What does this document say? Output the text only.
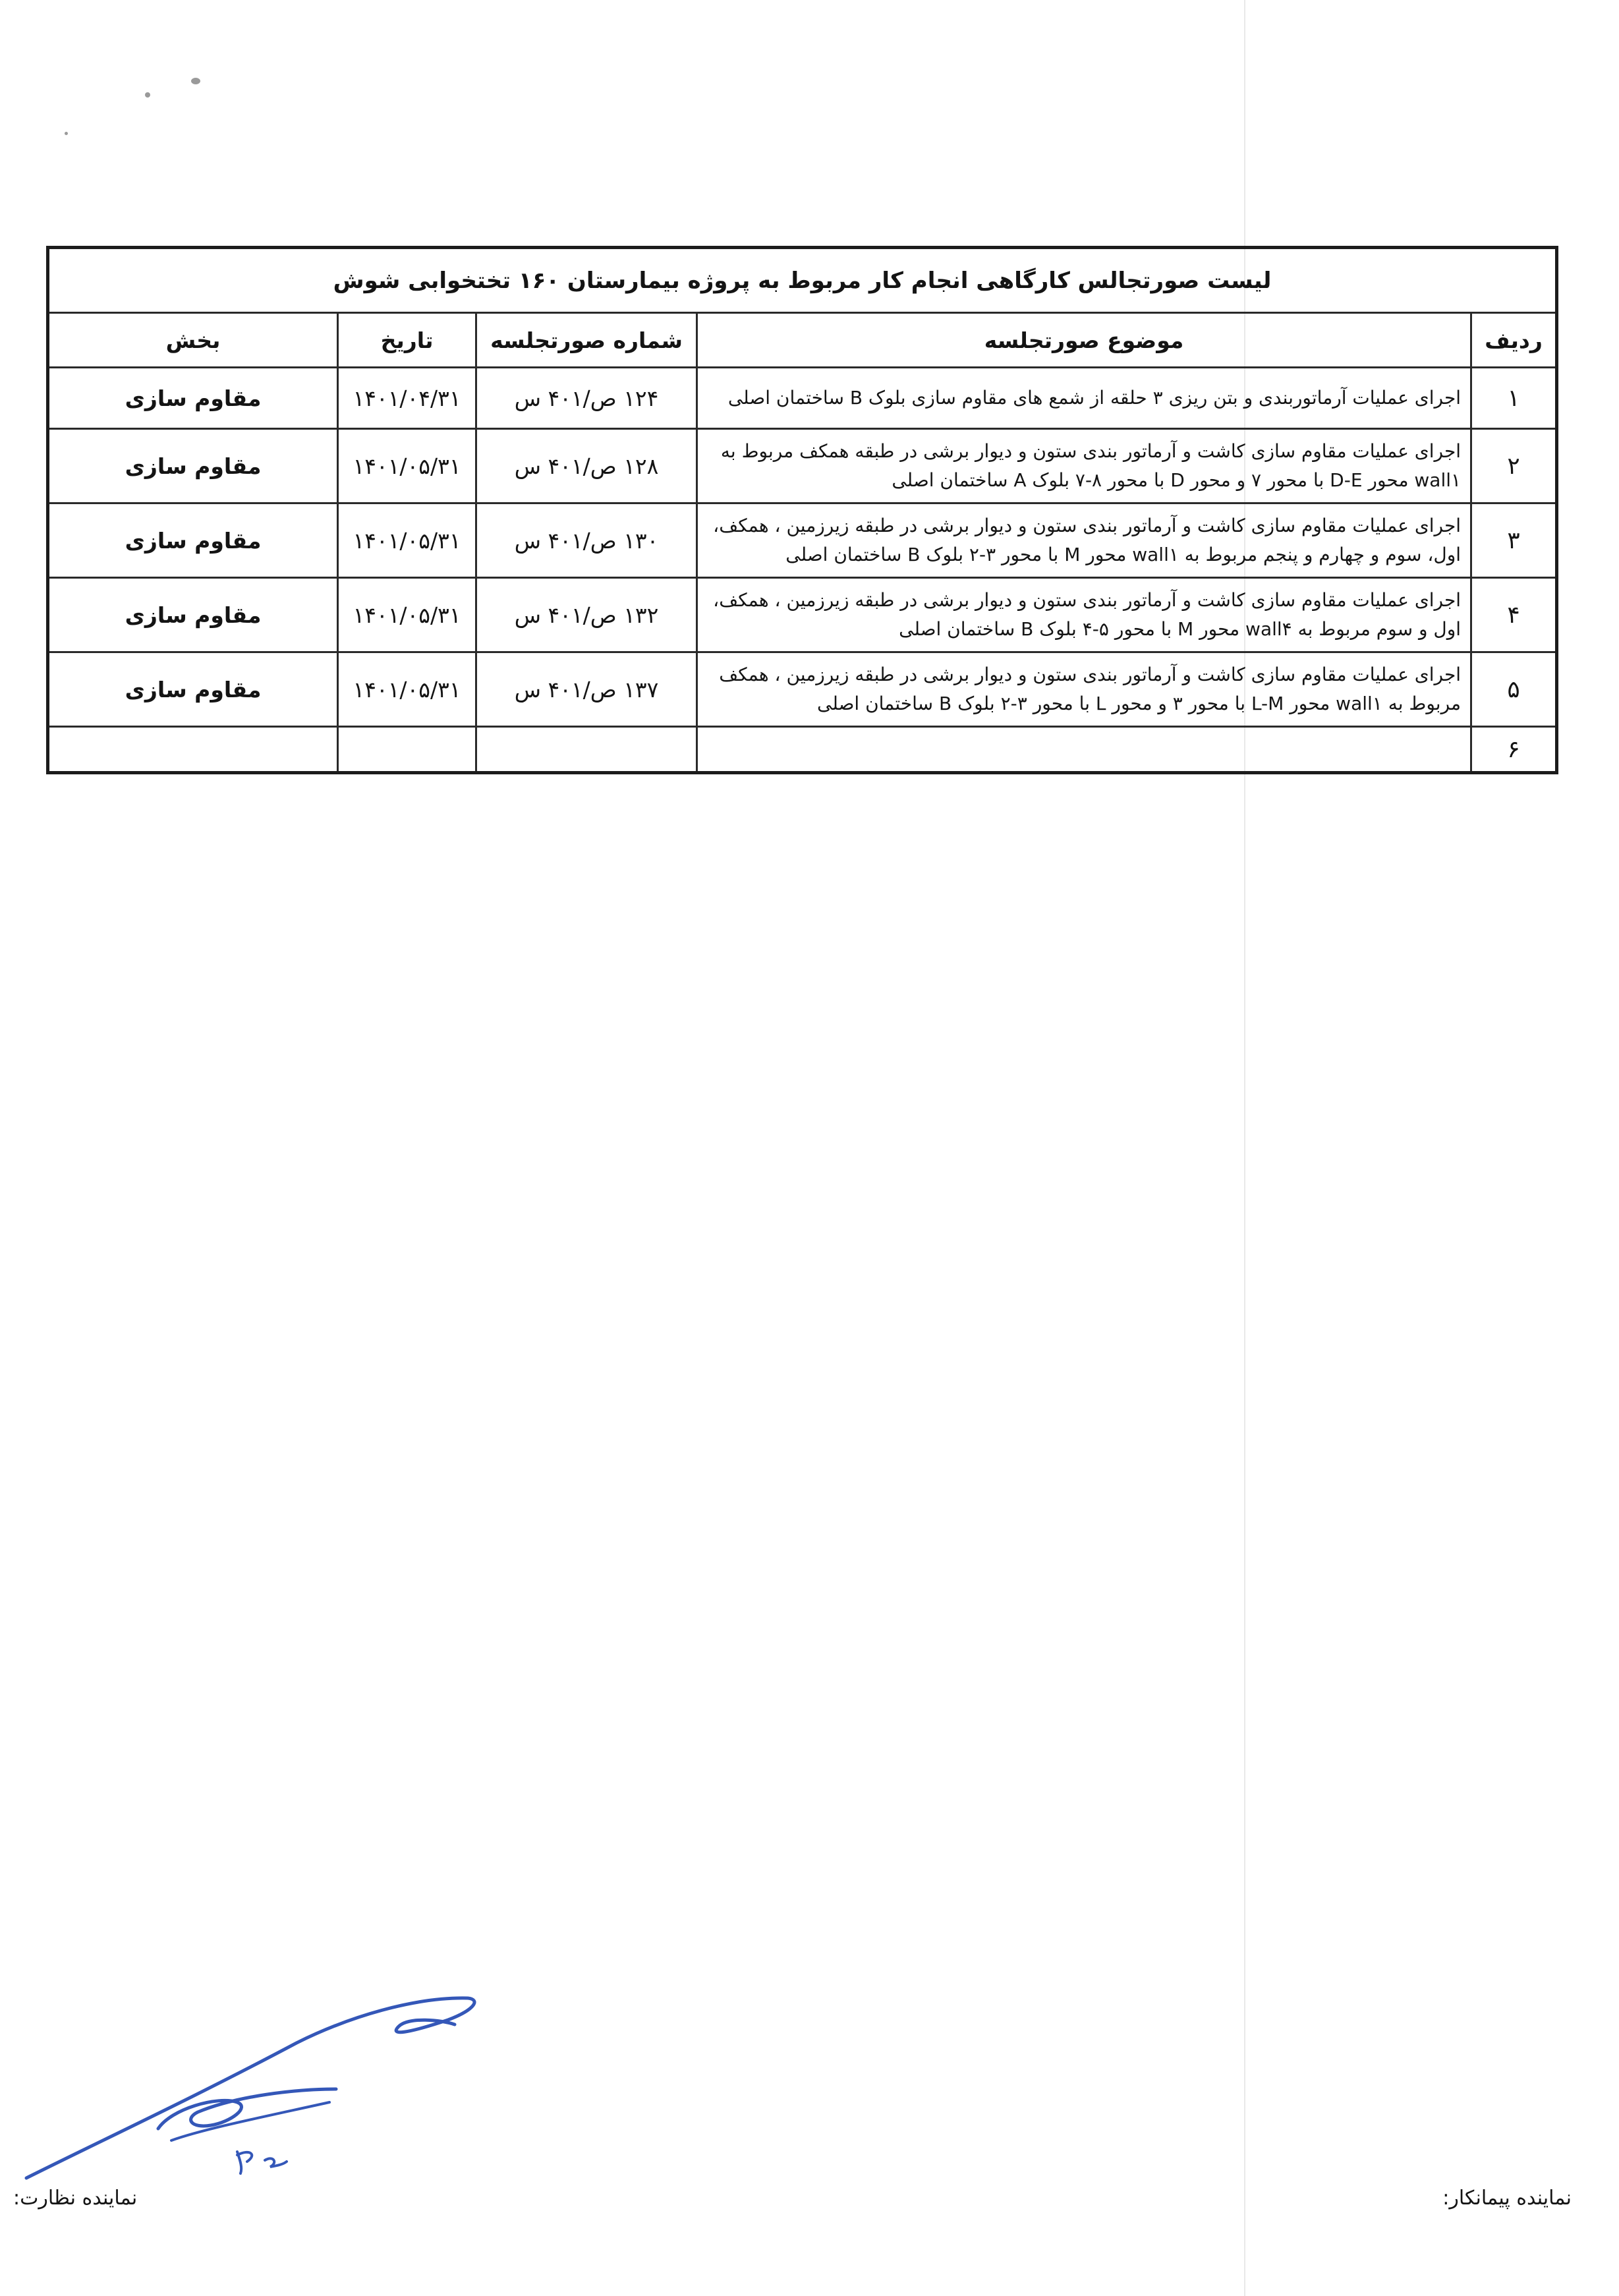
لیست صورتجالس کارگاهی انجام کار مربوط به پروژه بیمارستان ۱۶۰ تختخوابی شوش				
ردیف	موضوع صورتجلسه	شماره صورتجلسه	تاریخ	بخش
۱	اجرای عملیات آرماتوربندی و بتن ریزی ۳ حلقه از شمع های مقاوم سازی بلوک B ساختمان اصلی	۱۲۴ ص/۴۰۱ س	۱۴۰۱/۰۴/۳۱	مقاوم سازی
۲	اجرای عملیات مقاوم سازی کاشت و آرماتور بندی ستون و دیوار برشی در طبقه همکف مربوط به
wall۱ محور D-E با محور ۷ و محور D با محور ۸-۷ بلوک A ساختمان اصلی	۱۲۸ ص/۴۰۱ س	۱۴۰۱/۰۵/۳۱	مقاوم سازی
۳	اجرای عملیات مقاوم سازی کاشت و آرماتور بندی ستون و دیوار برشی در طبقه زیرزمین ، همکف،
اول، سوم و چهارم و پنجم مربوط به wall۱ محور M با محور ۳-۲ بلوک B ساختمان اصلی	۱۳۰ ص/۴۰۱ س	۱۴۰۱/۰۵/۳۱	مقاوم سازی
۴	اجرای عملیات مقاوم سازی کاشت و آرماتور بندی ستون و دیوار برشی در طبقه زیرزمین ، همکف،
اول و سوم مربوط به wall۴ محور M با محور ۵-۴ بلوک B ساختمان اصلی	۱۳۲ ص/۴۰۱ س	۱۴۰۱/۰۵/۳۱	مقاوم سازی
۵	اجرای عملیات مقاوم سازی کاشت و آرماتور بندی ستون و دیوار برشی در طبقه زیرزمین ، همکف
مربوط به wall۱ محور L-M با محور ۳ و محور L با محور ۳-۲ بلوک B ساختمان اصلی	۱۳۷ ص/۴۰۱ س	۱۴۰۱/۰۵/۳۱	مقاوم سازی
۶				
نماینده نظارت:	نماینده پیمانکار:
